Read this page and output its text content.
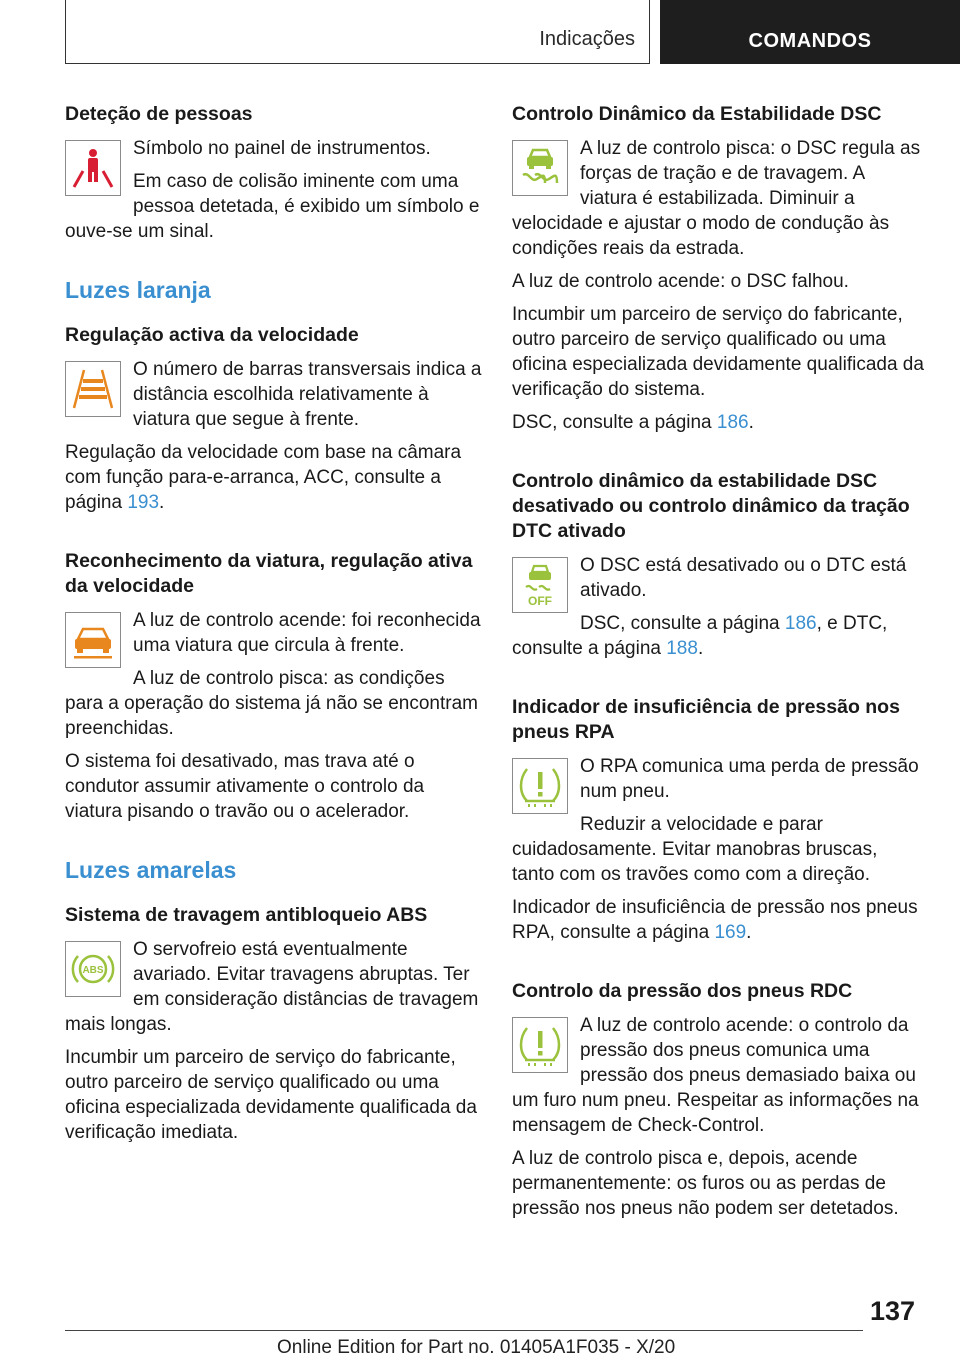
Indicações	COMANDOS
Deteção de pessoas

Símbolo no painel de instrumentos.

Em caso de colisão iminente com uma pessoa detetada, é exibido um símbolo e ouve-se um sinal.

Luzes laranja
Regulação activa da velocidade

O número de barras transversais indica a distância escolhida relativamente à viatura que segue à frente.

Regulação da velocidade com base na câmara com função para-e-arranca, ACC, consulte a página 193.

Reconhecimento da viatura, regulação ativa da velocidade

A luz de controlo acende: foi reconhecida uma viatura que circula à frente.

A luz de controlo pisca: as condições para a operação do sistema já não se encontram preenchidas.

O sistema foi desativado, mas trava até o condutor assumir ativamente o controlo da viatura pisando o travão ou o acelerador.

Luzes amarelas
Sistema de travagem antibloqueio ABS
ABS

O servofreio está eventualmente avariado. Evitar travagens abruptas. Ter em consideração distâncias de travagem mais longas.

Incumbir um parceiro de serviço do fabricante, outro parceiro de serviço qualificado ou uma oficina especializada devidamente qualificada da verificação imediata.

Controlo Dinâmico da Estabilidade DSC

A luz de controlo pisca: o DSC regula as forças de tração e de travagem. A viatura é estabilizada. Diminuir a velocidade e ajustar o modo de condução às condições reais da estrada.

A luz de controlo acende: o DSC falhou.

Incumbir um parceiro de serviço do fabricante, outro parceiro de serviço qualificado ou uma oficina especializada devidamente qualificada da verificação do sistema.

DSC, consulte a página 186.

Controlo dinâmico da estabilidade DSC desativado ou controlo dinâmico da tração DTC ativado
OFF

O DSC está desativado ou o DTC está ativado.

DSC, consulte a página 186, e DTC, consulte a página 188.

Indicador de insuficiência de pressão nos pneus RPA

O RPA comunica uma perda de pressão num pneu.

Reduzir a velocidade e parar cuidadosamente. Evitar manobras bruscas, tanto com os travões como com a direção.

Indicador de insuficiência de pressão nos pneus RPA, consulte a página 169.

Controlo da pressão dos pneus RDC

A luz de controlo acende: o controlo da pressão dos pneus comunica uma pressão dos pneus demasiado baixa ou um furo num pneu. Respeitar as informações na mensagem de Check-Control.

A luz de controlo pisca e, depois, acende permanentemente: os furos ou as perdas de pressão nos pneus não podem ser detetados.

137
Online Edition for Part no. 01405A1F035 - X/20
